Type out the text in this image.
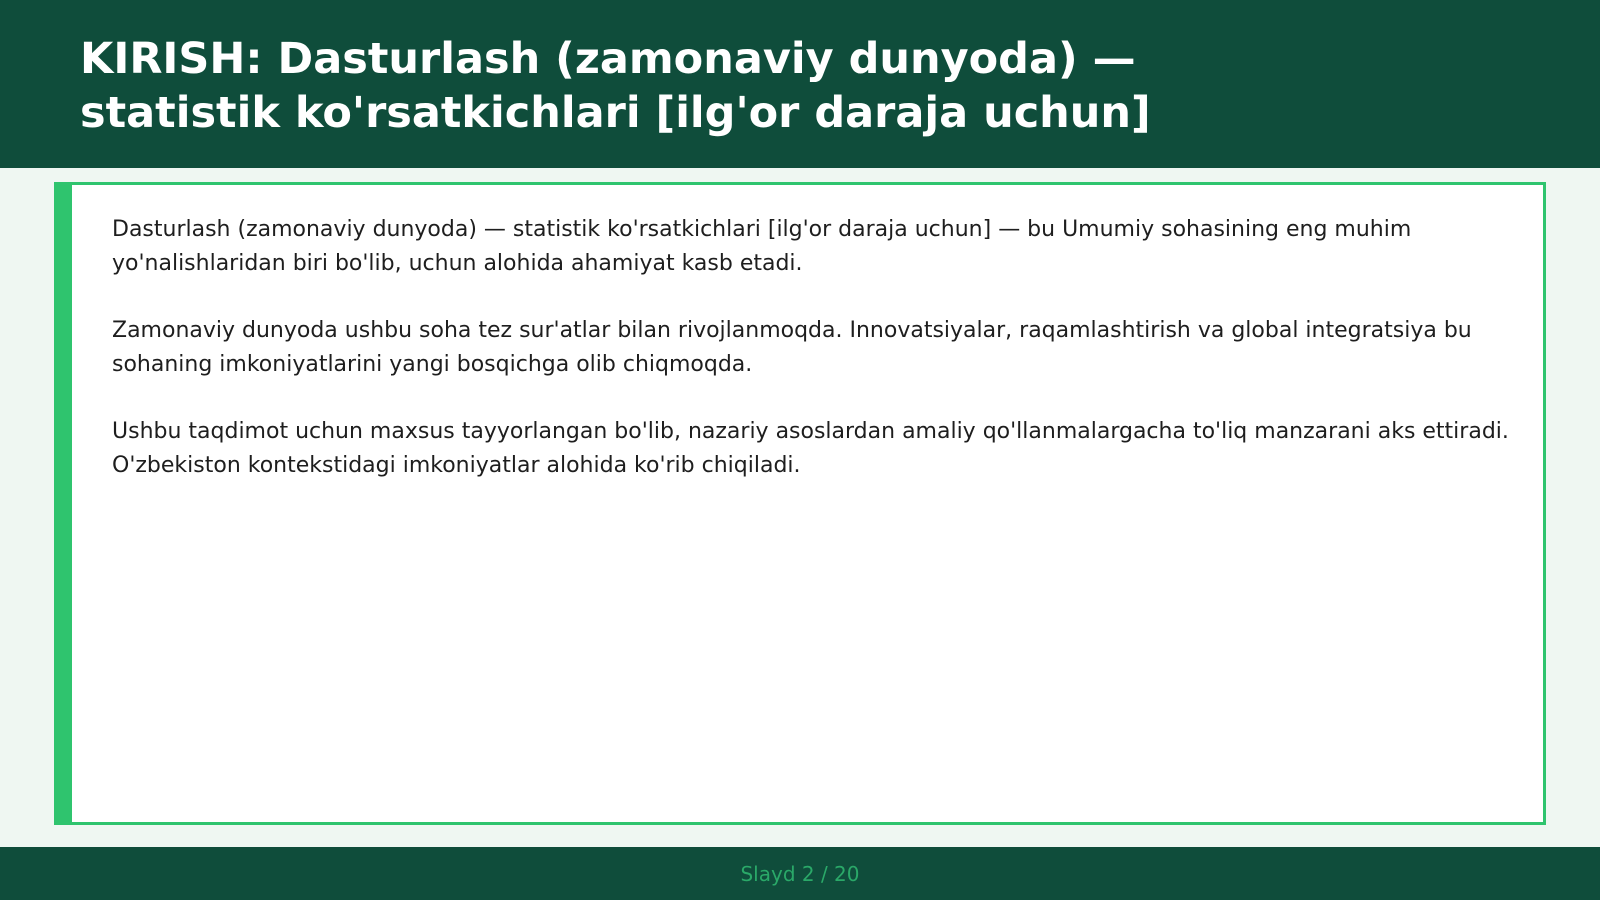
KIRISH: Dasturlash (zamonaviy dunyoda) — statistik ko'rsatkichlari [ilg'or daraja uchun]

Dasturlash (zamonaviy dunyoda) — statistik ko'rsatkichlari [ilg'or daraja uchun] — bu Umumiy sohasining eng muhim yo'nalishlaridan biri bo'lib, uchun alohida ahamiyat kasb etadi.

Zamonaviy dunyoda ushbu soha tez sur'atlar bilan rivojlanmoqda. Innovatsiyalar, raqamlashtirish va global integratsiya bu sohaning imkoniyatlarini yangi bosqichga olib chiqmoqda.

Ushbu taqdimot uchun maxsus tayyorlangan bo'lib, nazariy asoslardan amaliy qo'llanmalargacha to'liq manzarani aks ettiradi. O'zbekiston kontekstidagi imkoniyatlar alohida ko'rib chiqiladi.

Slayd 2 / 20
